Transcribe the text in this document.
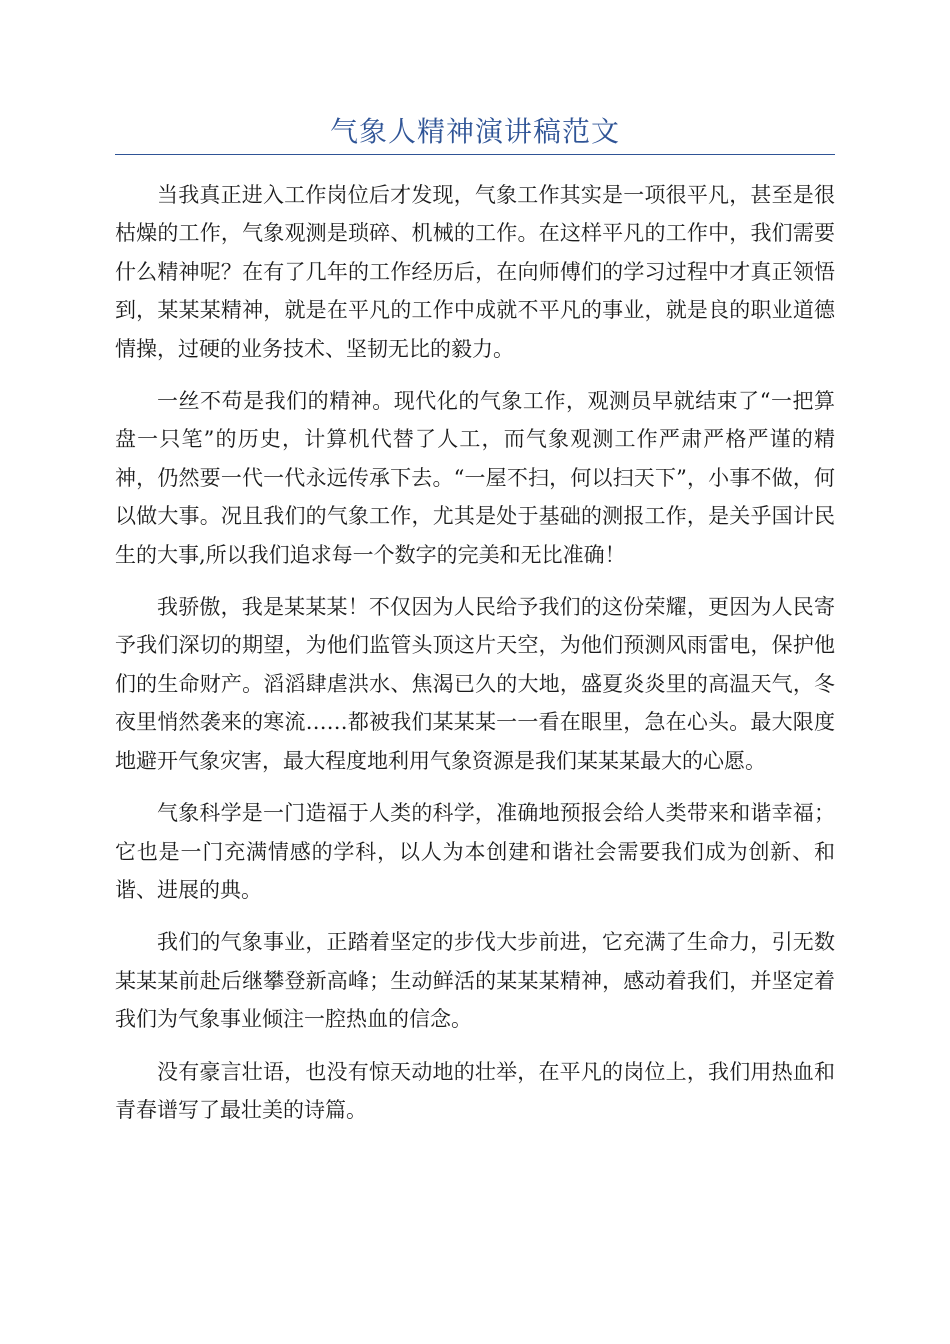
气象人精神演讲稿范文

当我真正进入工作岗位后才发现，气象工作其实是一项很平凡，甚至是很枯燥的工作，气象观测是琐碎、机械的工作。在这样平凡的工作中，我们需要什么精神呢？在有了几年的工作经历后，在向师傅们的学习过程中才真正领悟到，某某某精神，就是在平凡的工作中成就不平凡的事业，就是良的职业道德情操，过硬的业务技术、坚韧无比的毅力。

一丝不苟是我们的精神。现代化的气象工作，观测员早就结束了“一把算盘一只笔”的历史，计算机代替了人工，而气象观测工作严肃严格严谨的精神，仍然要一代一代永远传承下去。“一屋不扫，何以扫天下”，小事不做，何以做大事。况且我们的气象工作，尤其是处于基础的测报工作，是关乎国计民生的大事,所以我们追求每一个数字的完美和无比准确！

我骄傲，我是某某某！不仅因为人民给予我们的这份荣耀，更因为人民寄予我们深切的期望，为他们监管头顶这片天空，为他们预测风雨雷电，保护他们的生命财产。滔滔肆虐洪水、焦渴已久的大地，盛夏炎炎里的高温天气，冬夜里悄然袭来的寒流……都被我们某某某一一看在眼里，急在心头。最大限度地避开气象灾害，最大程度地利用气象资源是我们某某某最大的心愿。

气象科学是一门造福于人类的科学，准确地预报会给人类带来和谐幸福；它也是一门充满情感的学科，以人为本创建和谐社会需要我们成为创新、和谐、进展的典。

我们的气象事业，正踏着坚定的步伐大步前进，它充满了生命力，引无数某某某前赴后继攀登新高峰；生动鲜活的某某某精神，感动着我们，并坚定着我们为气象事业倾注一腔热血的信念。

没有豪言壮语，也没有惊天动地的壮举，在平凡的岗位上，我们用热血和青春谱写了最壮美的诗篇。
